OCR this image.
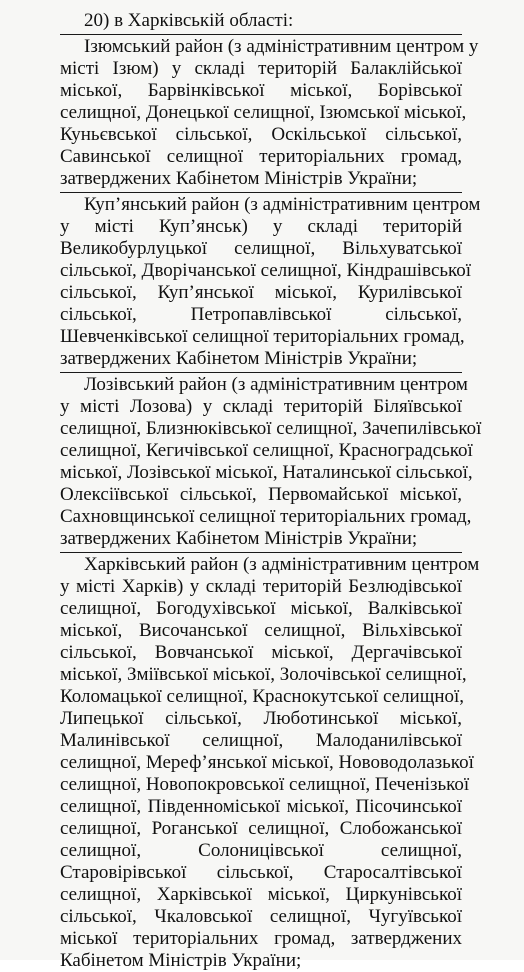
20) в Харківській області:

Ізюмський район (з адміністративним центром у
місті Ізюм) у складі територій Балаклійської
міської, Барвінківської міської, Борівської
селищної, Донецької селищної, Ізюмської міської,
Куньєвської сільської, Оскільської сільської,
Савинської селищної територіальних громад,
затверджених Кабінетом Міністрів України;
Куп’янський район (з адміністративним центром
у місті Куп’янськ) у складі територій
Великобурлуцької селищної, Вільхуватської
сільської, Дворічанської селищної, Кіндрашівської
сільської, Куп’янської міської, Курилівської
сільської, Петропавлівської сільської,
Шевченківської селищної територіальних громад,
затверджених Кабінетом Міністрів України;
Лозівський район (з адміністративним центром
у місті Лозова) у складі територій Біляївської
селищної, Близнюківської селищної, Зачепилівської
селищної, Кегичівської селищної, Красноградської
міської, Лозівської міської, Наталинської сільської,
Олексіївської сільської, Первомайської міської,
Сахновщинської селищної територіальних громад,
затверджених Кабінетом Міністрів України;
Харківський район (з адміністративним центром
у місті Харків) у складі територій Безлюдівської
селищної, Богодухівської міської, Валківської
міської, Височанської селищної, Вільхівської
сільської, Вовчанської міської, Дергачівської
міської, Зміївської міської, Золочівської селищної,
Коломацької селищної, Краснокутської селищної,
Липецької сільської, Люботинської міської,
Малинівської селищної, Малоданилівської
селищної, Мереф’янської міської, Нововодолазької
селищної, Новопокровської селищної, Печенізької
селищної, Південноміської міської, Пісочинської
селищної, Роганської селищної, Слобожанської
селищної, Солоницівської селищної,
Старовірівської сільської, Старосалтівської
селищної, Харківської міської, Циркунівської
сільської, Чкаловської селищної, Чугуївської
міської територіальних громад, затверджених
Кабінетом Міністрів України;
